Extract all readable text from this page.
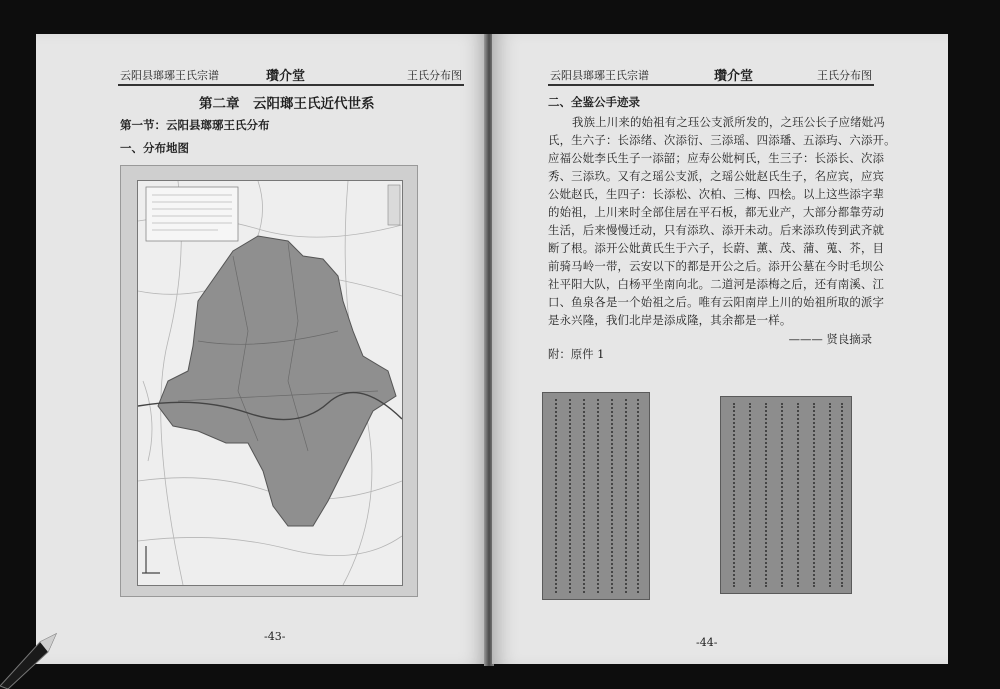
云阳县瑯琊王氏宗谱	瓚介堂	王氏分布图
第二章　云阳瑯王氏近代世系
第一节：云阳县瑯琊王氏分布
一、分布地图
-43-
云阳县瑯琊王氏宗谱	瓚介堂	王氏分布图
二、全鉴公手迹录
我族上川来的始祖有之珏公支派所发的，之珏公长子应绪妣冯
氏，生六子：长添绪、次添衍、三添瑶、四添璠、五添玙、六添开。
应福公妣李氏生子一添韶；应寿公妣柯氏，生三子：长添长、次添
秀、三添玖。又有之瑶公支派，之瑶公妣赵氏生子，名应宾，应宾
公妣赵氏，生四子：长添松、次柏、三梅、四桧。以上这些添字辈
的始祖，上川来时全部住居在平石板，都无业产，大部分都靠劳动
生活，后来慢慢迁动，只有添玖、添开未动。后来添玖传到武齐就
断了根。添开公妣黄氏生于六子，长蔚、薰、茂、蒲、蒐、芥，目
前骑马岭一带，云安以下的都是开公之后。添开公墓在今时毛坝公
社平阳大队，白杨平坐南向北。二道河是添梅之后，还有南溪、江
口、鱼泉各是一个始祖之后。唯有云阳南岸上川的始祖所取的派字
是永兴隆，我们北岸是添成隆，其余都是一样。
——— 贤良摘录
附：原件 1
-44-
